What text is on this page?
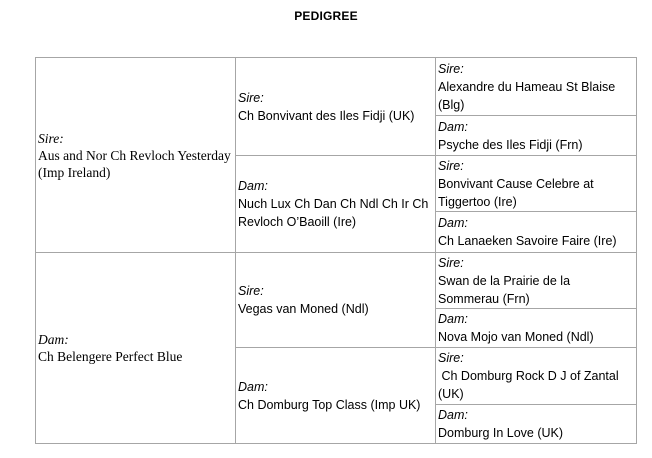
PEDIGREE
Sire:
Aus and Nor Ch Revloch Yesterday (Imp Ireland)
Dam:
Ch Belengere Perfect Blue
Sire:
Ch Bonvivant des Iles Fidji (UK)
Dam:
Nuch Lux Ch Dan Ch Ndl Ch Ir Ch Revloch O’Baoill (Ire)
Sire:
Vegas van Moned (Ndl)
Dam:
Ch Domburg Top Class (Imp UK)
Sire:
Alexandre du Hameau St Blaise (Blg)
Dam:
Psyche des Iles Fidji (Frn)
Sire:
Bonvivant Cause Celebre at Tiggertoo (Ire)
Dam:
Ch Lanaeken Savoire Faire (Ire)
Sire:
Swan de la Prairie de la Sommerau (Frn)
Dam:
Nova Mojo van Moned (Ndl)
Sire:
Ch Domburg Rock D J of Zantal (UK)
Dam:
Domburg In Love (UK)
